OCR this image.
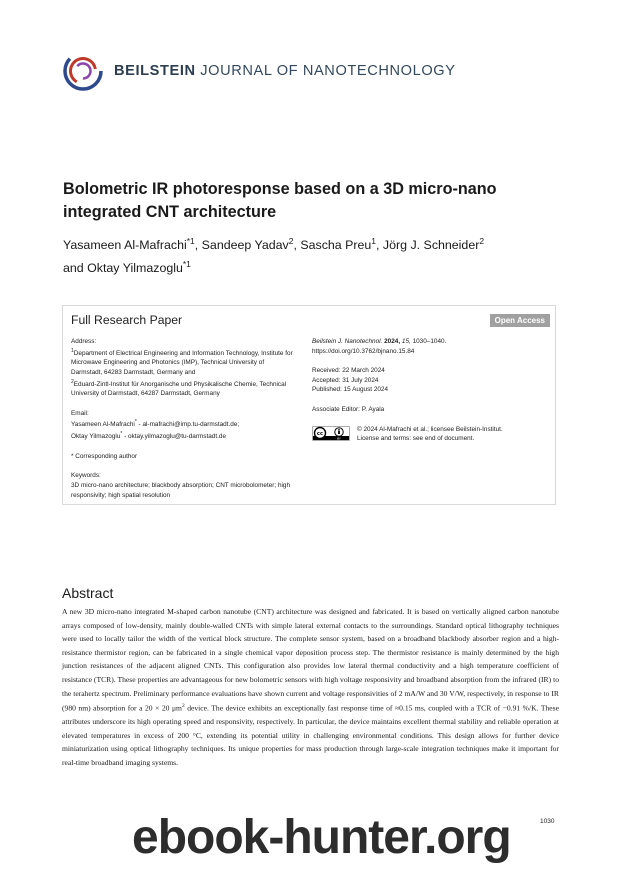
BEILSTEIN JOURNAL OF NANOTECHNOLOGY
Bolometric IR photoresponse based on a 3D micro-nano integrated CNT architecture
Yasameen Al-Mafrachi$^{*1}$, Sandeep Yadav$^2$, Sascha Preu$^1$, Jörg J. Schneider$^2$
and Oktay Yilmazoglu$^{*1}$
Full Research Paper	Open Access
Address:
$^1$Department of Electrical Engineering and Information Technology, Institute for Microwave Engineering and Photonics (IMP), Technical University of Darmstadt, 64283 Darmstadt, Germany and
$^2$Eduard-Zintl-Institut für Anorganische und Physikalische Chemie, Technical University of Darmstadt, 64287 Darmstadt, Germany
Email:
Yasameen Al-Mafrachi* - al-mafrachi@imp.tu-darmstadt.de;
Oktay Yilmazoglu* - oktay.yilmazoglu@tu-darmstadt.de
* Corresponding author
Keywords:
3D micro-nano architecture; blackbody absorption; CNT microbolometer; high responsivity; high spatial resolution
Beilstein J. Nanotechnol. 2024, 15, 1030–1040.
https://doi.org/10.3762/bjnano.15.84
Received: 22 March 2024
Accepted: 31 July 2024
Published: 15 August 2024
Associate Editor: P. Ayala
cc
BY
© 2024 Al-Mafrachi et al.; licensee Beilstein-Institut.
License and terms: see end of document.
Abstract

A new 3D micro-nano integrated M-shaped carbon nanotube (CNT) architecture was designed and fabricated. It is based on vertically aligned carbon nanotube arrays composed of low-density, mainly double-walled CNTs with simple lateral external contacts to the surroundings. Standard optical lithography techniques were used to locally tailor the width of the vertical block structure. The complete sensor system, based on a broadband blackbody absorber region and a high-resistance thermistor region, can be fabricated in a single chemical vapor deposition process step. The thermistor resistance is mainly determined by the high junction resistances of the adjacent aligned CNTs. This configuration also provides low lateral thermal conductivity and a high temperature coefficient of resistance (TCR). These properties are advantageous for new bolometric sensors with high voltage responsivity and broadband absorption from the infrared (IR) to the terahertz spectrum. Preliminary performance evaluations have shown current and voltage responsivities of 2 mA/W and 30 V/W, respectively, in response to IR (980 nm) absorption for a 20 × 20 $\mu m^2$ device. The device exhibits an exceptionally fast response time of ≈0.15 ms, coupled with a TCR of −0.91 %/K. These attributes underscore its high operating speed and responsivity, respectively. In particular, the device maintains excellent thermal stability and reliable operation at elevated temperatures in excess of 200 °C, extending its potential utility in challenging environmental conditions. This design allows for further device miniaturization using optical lithography techniques. Its unique properties for mass production through large-scale integration techniques make it important for real-time broadband imaging systems.

1030
ebook-hunter.org
